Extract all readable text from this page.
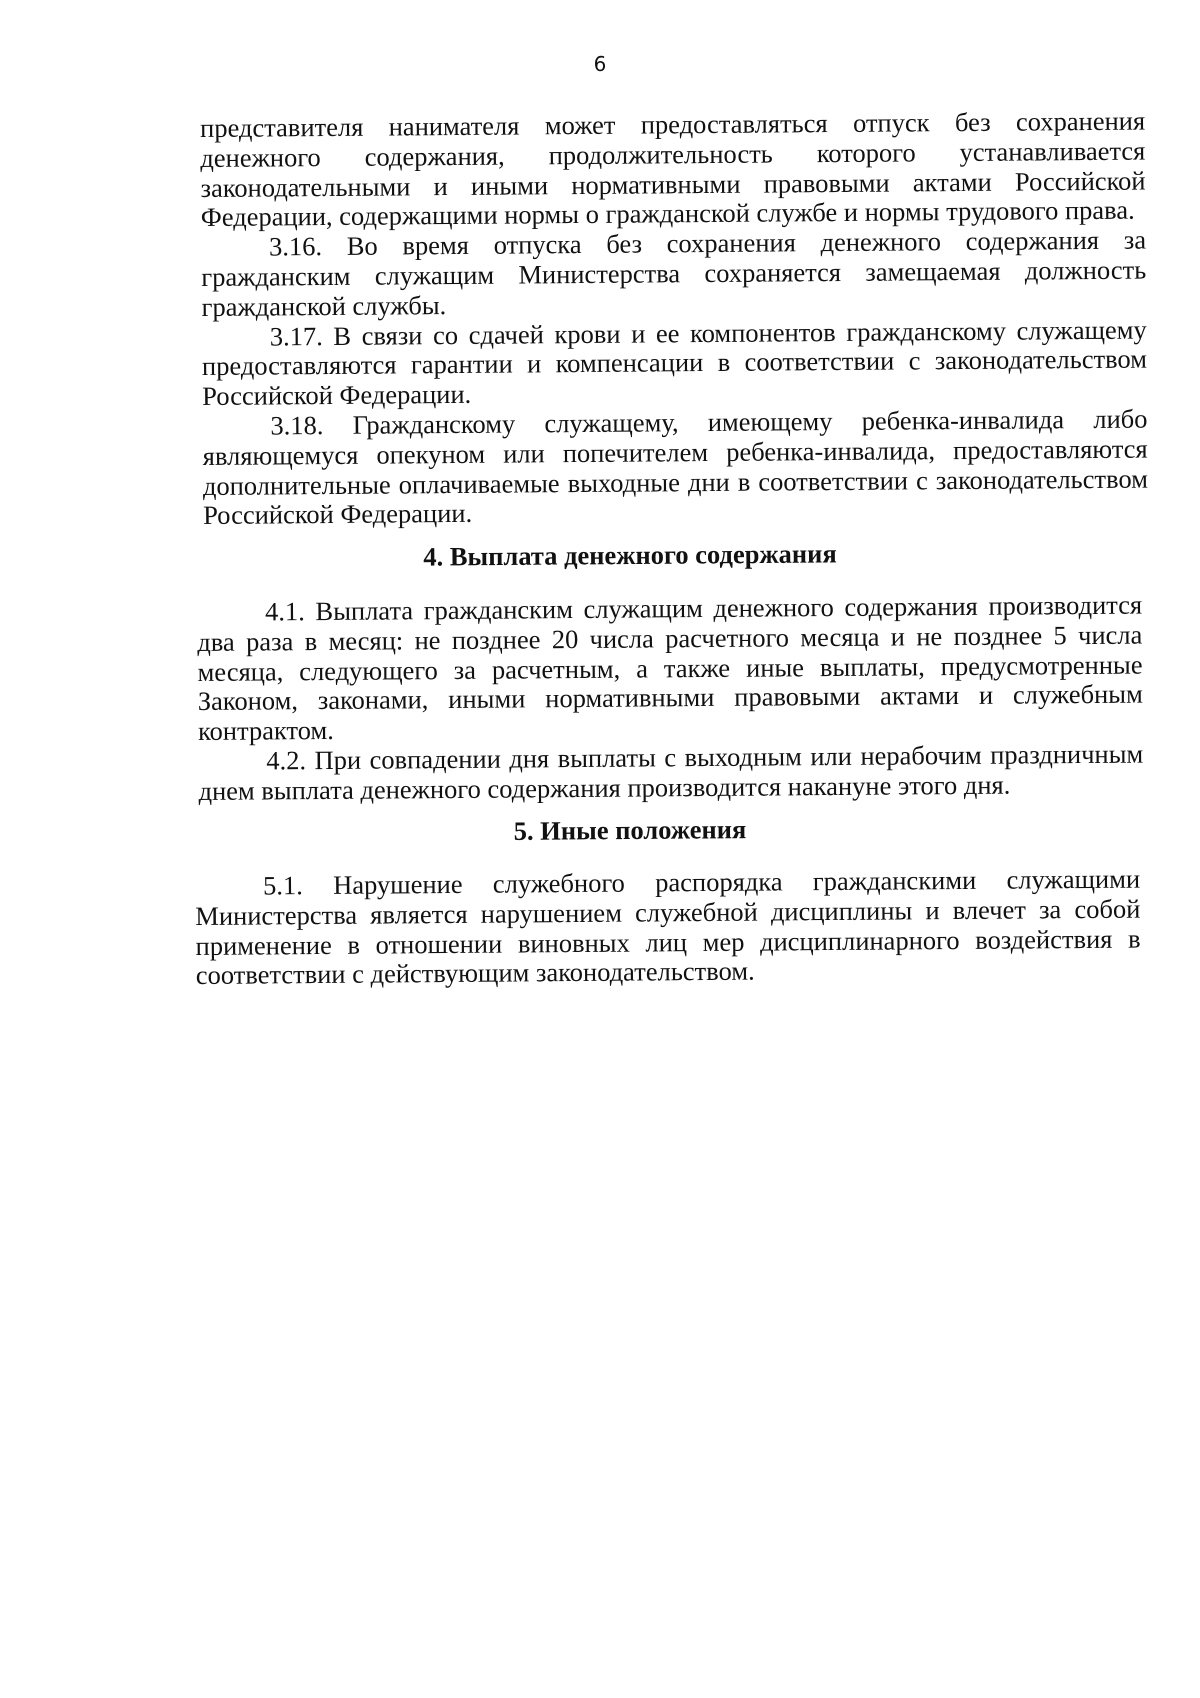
6

представителя нанимателя может предоставляться отпуск без сохранения денежного содержания, продолжительность которого устанавливается законодательными и иными нормативными правовыми актами Российской Федерации, содержащими нормы о гражданской службе и нормы трудового права.

3.16. Во время отпуска без сохранения денежного содержания за гражданским служащим Министерства сохраняется замещаемая должность гражданской службы.

3.17. В связи со сдачей крови и ее компонентов гражданскому служащему предоставляются гарантии и компенсации в соответствии с законодательством Российской Федерации.

3.18. Гражданскому служащему, имеющему ребенка-инвалида либо являющемуся опекуном или попечителем ребенка-инвалида, предоставляются дополнительные оплачиваемые выходные дни в соответствии с законодательством Российской Федерации.

4. Выплата денежного содержания

4.1. Выплата гражданским служащим денежного содержания производится два раза в месяц: не позднее 20 числа расчетного месяца и не позднее 5 числа месяца, следующего за расчетным, а также иные выплаты, предусмотренные Законом, законами, иными нормативными правовыми актами и служебным контрактом.

4.2. При совпадении дня выплаты с выходным или нерабочим праздничным днем выплата денежного содержания производится накануне этого дня.

5. Иные положения

5.1. Нарушение служебного распорядка гражданскими служащими Министерства является нарушением служебной дисциплины и влечет за собой применение в отношении виновных лиц мер дисциплинарного воздействия в соответствии с действующим законодательством.
